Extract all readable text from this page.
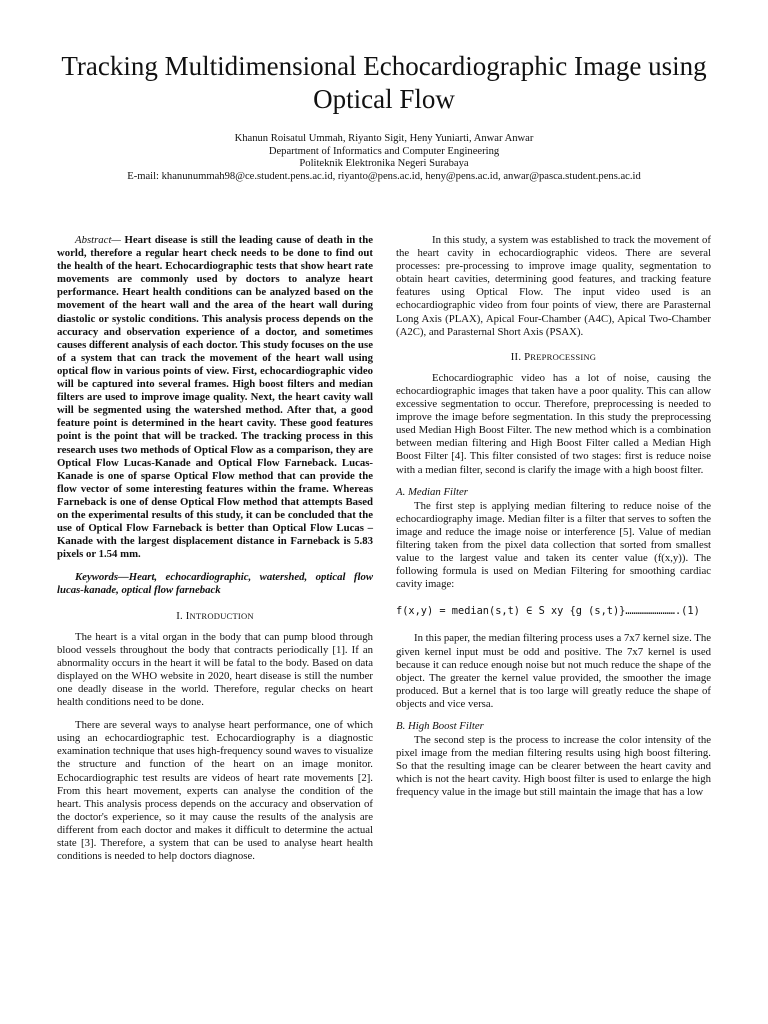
Tracking Multidimensional Echocardiographic Image using Optical Flow
Khanun Roisatul Ummah, Riyanto Sigit, Heny Yuniarti, Anwar Anwar
Department of Informatics and Computer Engineering
Politeknik Elektronika Negeri Surabaya
E-mail: khanunummah98@ce.student.pens.ac.id, riyanto@pens.ac.id, heny@pens.ac.id, anwar@pasca.student.pens.ac.id

Abstract— Heart disease is still the leading cause of death in the world, therefore a regular heart check needs to be done to find out the health of the heart. Echocardiographic tests that show heart rate movements are commonly used by doctors to analyze heart performance. Heart health conditions can be analyzed based on the movement of the heart wall and the area of the heart wall during diastolic or systolic conditions. This analysis process depends on the accuracy and observation experience of a doctor, and sometimes causes different analysis of each doctor. This study focuses on the use of a system that can track the movement of the heart wall using optical flow in various points of view. First, echocardiographic video will be captured into several frames. High boost filters and median filters are used to improve image quality. Next, the heart cavity wall will be segmented using the watershed method. After that, a good feature point is determined in the heart cavity. These good features point is the point that will be tracked. The tracking process in this research uses two methods of Optical Flow as a comparison, they are Optical Flow Lucas-Kanade and Optical Flow Farneback. Lucas-Kanade is one of sparse Optical Flow method that can provide the flow vector of some interesting features within the frame. Whereas Farneback is one of dense Optical Flow method that attempts Based on the experimental results of this study, it can be concluded that the use of Optical Flow Farneback is better than Optical Flow Lucas – Kanade with the largest displacement distance in Farneback is 5.83 pixels or 1.54 mm.

Keywords—Heart, echocardiographic, watershed, optical flow lucas-kanade, optical flow farneback

I. INTRODUCTION

The heart is a vital organ in the body that can pump blood through blood vessels throughout the body that contracts periodically [1]. If an abnormality occurs in the heart it will be fatal to the body. Based on data displayed on the WHO website in 2020, heart disease is still the number one deadly disease in the world. Therefore, regular checks on heart health conditions need to be done.

There are several ways to analyse heart performance, one of which using an echocardiographic test. Echocardiography is a diagnostic examination technique that uses high-frequency sound waves to visualize the structure and function of the heart on an image monitor. Echocardiographic test results are videos of heart rate movements [2]. From this heart movement, experts can analyse the condition of the heart. This analysis process depends on the accuracy and observation of the doctor's experience, so it may cause the results of the analysis are different from each doctor and makes it difficult to determine the actual state [3]. Therefore, a system that can be used to analyse heart health conditions is needed to help doctors diagnose.

In this study, a system was established to track the movement of the heart cavity in echocardiographic videos. There are several processes: pre-processing to improve image quality, segmentation to obtain heart cavities, determining good features, and tracking feature features using Optical Flow. The input video used is an echocardiographic video from four points of view, there are Parasternal Long Axis (PLAX), Apical Four-Chamber (A4C), Apical Two-Chamber (A2C), and Parasternal Short Axis (PSAX).

II. PREPROCESSING

Echocardiographic video has a lot of noise, causing the echocardiographic images that taken have a poor quality. This can allow excessive segmentation to occur. Therefore, preprocessing is needed to improve the image before segmentation. In this study the preprocessing used Median High Boost Filter. The new method which is a combination between median filtering and High Boost Filter called a Median High Boost Filter [4]. This filter consisted of two stages: first is reduce noise with a median filter, second is clarify the image with a high boost filter.

A. Median Filter

The first step is applying median filtering to reduce noise of the echocardiography image. Median filter is a filter that serves to soften the image and reduce the image noise or interference [5]. Value of median filtering taken from the pixel data collection that sorted from smallest value to the largest value and taken its center value (f(x,y)). The following formula is used on Median Filtering for smoothing cardiac cavity image:

f(x,y) = median(s,t) ∈ S xy {g (s,t)}…………………….(1)

In this paper, the median filtering process uses a 7x7 kernel size. The given kernel input must be odd and positive. The 7x7 kernel is used because it can reduce enough noise but not much reduce the shape of the object. The greater the kernel value provided, the smoother the image produced. But a kernel that is too large will greatly reduce the shape of objects and vice versa.

B. High Boost Filter

The second step is the process to increase the color intensity of the pixel image from the median filtering results using high boost filtering. So that the resulting image can be clearer between the heart cavity and which is not the heart cavity. High boost filter is used to enlarge the high frequency value in the image but still maintain the image that has a low
